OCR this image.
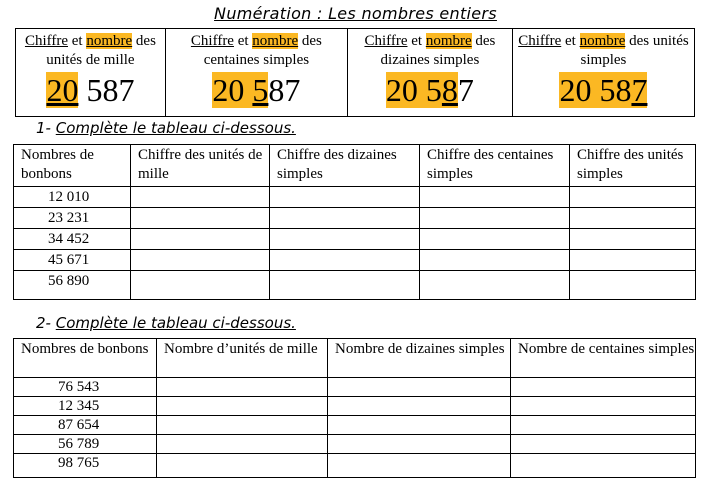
Numération : Les nombres entiers
Chiffre et nombre des unités de mille
20 587
	Chiffre et nombre des centaines simples
20 587
	Chiffre et nombre des dizaines simples
20 587
	Chiffre et nombre des unités simples
20 587
1- Complète le tableau ci-dessous.
Nombres de bonbons	Chiffre des unités de mille	Chiffre des dizaines simples	Chiffre des centaines simples	Chiffre des unités simples
12 010				
23 231				
34 452				
45 671				
56 890				
2- Complète le tableau ci-dessous.
Nombres de bonbons	Nombre d’unités de mille	Nombre de dizaines simples	Nombre de centaines simples
76 543			
12 345			
87 654			
56 789			
98 765			
